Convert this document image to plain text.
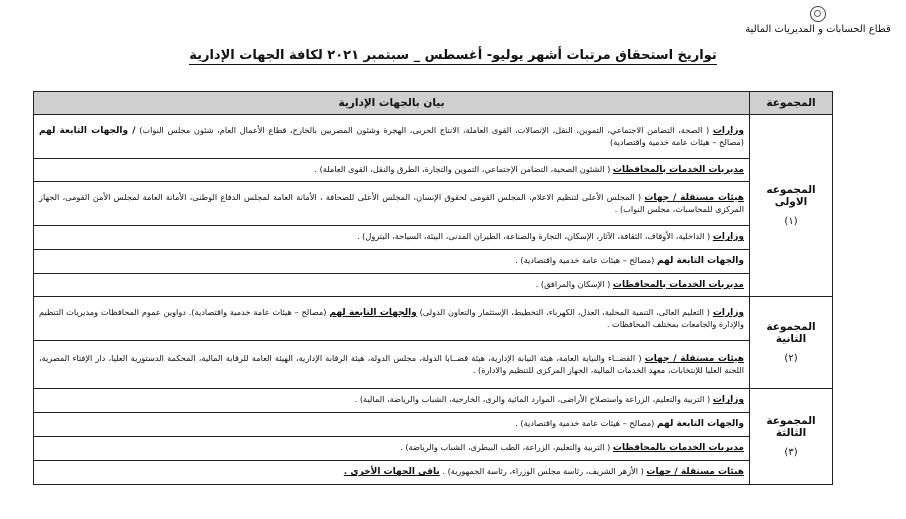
قطاع الحسابات و المديريات المالية
تواريخ استحقاق مرتبات أشهر يوليو- أغسطس _ سبتمبر ٢٠٢١ لكافة الجهات الإدارية
المجموعة	بيان بالجهات الإدارية
المجموعه الاولى
(١)	وزارات ( الصحة، التضامن الاجتماعي، التموين، النقل، الإتصالات، القوى العاملة، الانتاج الحربى، الهجرة وشئون المصريين بالخارج، قطاع الأعمال العام، شئون مجلس النواب) / والجهات التابعة لهم (مصالح – هيئات عامة خدمية واقتصادية)
	مديريات الخدمات بالمحافظات ( الشئون الصحية، التضامن الإجتماعي، التموين والتجارة، الطرق والنقل، القوى العاملة) .
	هيئات مستقلة / جهات ( المجلس الأعلى لتنظيم الاعلام، المجلس القومى لحقوق الإنسان، المجلس الأعلى للصحافة ، الأمانة العامة لمجلس الدفاع الوطنى، الأمانة العامة لمجلس الأمن القومى، الجهاز المركزى للمحاسبات، مجلس النواب) .
	وزارات ( الداخلية، الأوقاف، الثقافة، الآثار، الإسكان، التجارة والصناعة، الطيران المدنى، البيئة، السياحة، البترول) .
	والجهات التابعة لهم (مصالح – هيئات عامة خدمية واقتصادية) .
	مديريات الخدمات بالمحافظات ( الإسكان والمرافق) .
المجموعة الثانية
(٢)	وزارات ( التعليم العالى، التنمية المحلية، العدل، الكهرباء، التخطيط، الإستثمار والتعاون الدولى) والجهات التابعة لهم (مصالح – هيئات عامة خدمية واقتصادية). دواوين عموم المحافظات ومديريات التنظيم والإدارة والجامعات بمختلف المحافظات .
	هيئات مستقلة / جهات ( القضــاء والنيابة العامة، هيئة النيابة الإدارية، هيئة قضــايا الدولة، مجلس الدولة، هيئة الرقابة الإدارية، الهيئة العامة للرقابة المالية، المحكمة الدستورية العليا، دار الإفتاء المصرية، اللجنة العليا للإنتخابات، معهد الخدمات المالية، الجهاز المركزى للتنظيم والادارة) .
المجموعة الثالثة
(٣)	وزارات ( التربية والتعليم، الزراعة واستصلاح الأراضى، الموارد المائية والرى، الخارجية، الشباب والرياضة، المالية) .
	والجهات التابعة لهم (مصالح – هيئات عامة خدمية واقتصادية) .
	مديريات الخدمات بالمحافظات ( التربية والتعليم، الزراعة، الطب البيطرى، الشباب والرياضة) .
	هيئات مستقلة / جهات ( الأزهر الشريف، رئاسة مجلس الوزراء، رئاسة الجمهورية) . باقى الجهات الأخرى .
